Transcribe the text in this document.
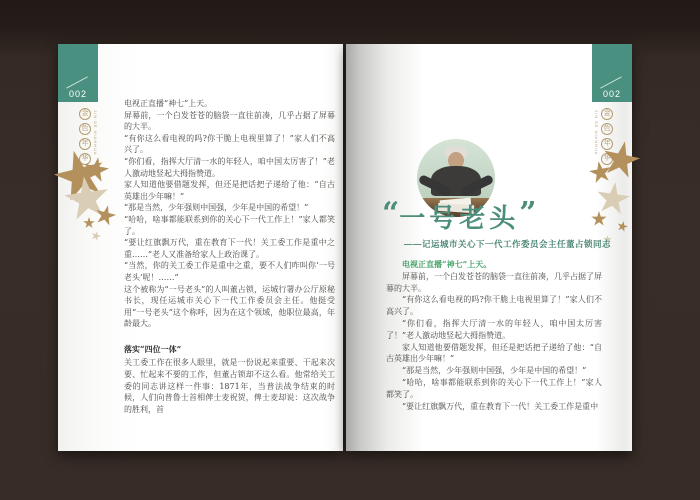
002
金
色
年
华
JIN SE NIANHUA

电视正直播“神七”上天。

屏幕前，一个白发苍苍的脑袋一直往前凑，几乎占据了屏幕的大半。

“有你这么看电视的吗?你干脆上电视里算了！”家人们不高兴了。

“你们看，指挥大厅清一水的年轻人，咱中国太厉害了！”老人激动地竖起大拇指赞道。

家人知道他要借题发挥，但还是把话把子递给了他：“自古英雄出少年嘛！”

“那是当然，少年强则中国强，少年是中国的希望！”

“哈哈，啥事都能联系到你的关心下一代工作上！”家人都笑了。

“要让红旗飘万代，重在教育下一代！关工委工作是重中之重……”老人又准备给家人上政治课了。

“当然，你的关工委工作是重中之重，要不人们咋叫你‘一号老头’呢！……”

这个被称为“一号老头”的人叫董占锁，运城行署办公厅原秘书长，现任运城市关心下一代工作委员会主任。他挺受用“一号老头”这个称呼，因为在这个领域，他职位最高，年龄最大。

落实“四位一体”

关工委工作在很多人眼里，就是一份说起来重要、干起来次要、忙起来不要的工作，但董占锁却不这么看。他常给关工委的同志讲这样一件事：1871年，当普法战争结束的时候，人们向普鲁士首相俾士麦祝贺，俾士麦却说：这次战争的胜利，首

002
金
色
年
华
JIN SE NIANHUA
“一号老头”
——记运城市关心下一代工作委员会主任董占锁同志

电视正直播“神七”上天。

屏幕前，一个白发苍苍的脑袋一直往前凑，几乎占据了屏幕的大半。

“有你这么看电视的吗?你干脆上电视里算了！”家人们不高兴了。

“你们看，指挥大厅清一水的年轻人，咱中国太厉害了！”老人激动地竖起大拇指赞道。

家人知道他要借题发挥，但还是把话把子递给了他：“自古英雄出少年嘛！”

“那是当然，少年强则中国强，少年是中国的希望！”

“哈哈，啥事都能联系到你的关心下一代工作上！”家人都笑了。

“要让红旗飘万代，重在教育下一代！关工委工作是重中
